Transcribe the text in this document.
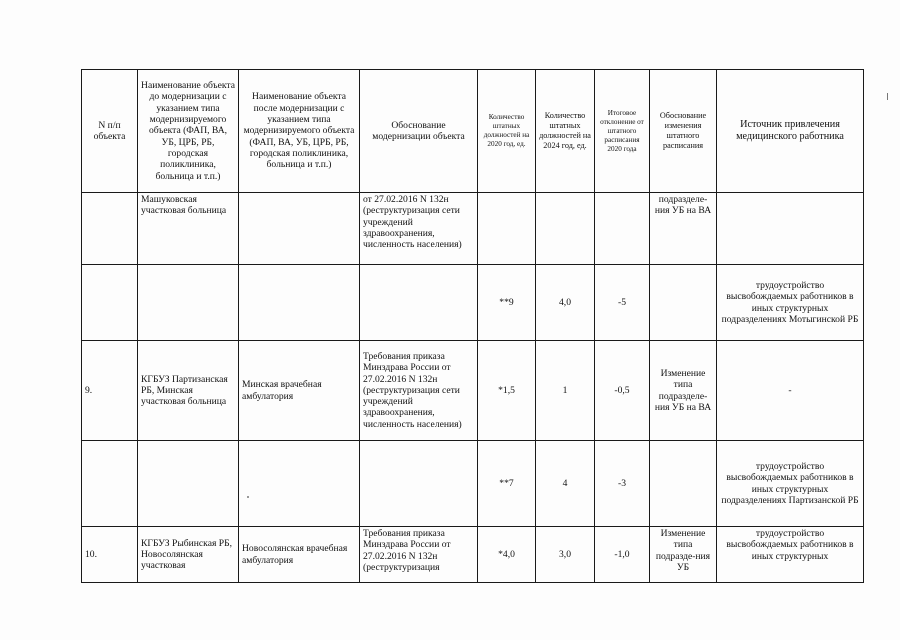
N п/п объекта	Наименование объекта до модернизации с указанием типа модернизируемого объекта (ФАП, ВА, УБ, ЦРБ, РБ, городская поликлиника, больница и т.п.)	Наименование объекта после модернизации с указанием типа модернизируемого объекта (ФАП, ВА, УБ, ЦРБ, РБ, городская поликлиника, больница и т.п.)	Обоснование модернизации объекта	Количество штатных должностей на 2020 год, ед.	Количество штатных должностей на 2024 год, ед.	Итоговое отклонение от штатного расписания 2020 года	Обоснование изменения штатного расписания	Источник привлечения медицинского работника
	Машуковская участковая больница		от 27.02.2016 N 132н (реструктуризация сети учреждений здравоохранения, численность населения)				подразделе-ния УБ на ВА	
				**9	4,0	-5		трудоустройство высвобождаемых работников в иных структурных подразделениях Мотыгинской РБ
9.	КГБУЗ Партизанская РБ, Минская участковая больница	Минская врачебная амбулатория	Требования приказа Минздрава России от 27.02.2016 N 132н (реструктуризация сети учреждений здравоохранения, численность населения)	*1,5	1	-0,5	Изменение типа подразделе-ния УБ на ВА	-
				**7	4	-3		трудоустройство высвобождаемых работников в иных структурных подразделениях Партизанской РБ
10.	КГБУЗ Рыбинская РБ, Новосолянская участковая	Новосолянская врачебная амбулатория	Требования приказа Минздрава России от 27.02.2016 N 132н (реструктуризация	*4,0	3,0	-1,0	Изменение типа подразде-ния УБ	трудоустройство высвобождаемых работников в иных структурных
